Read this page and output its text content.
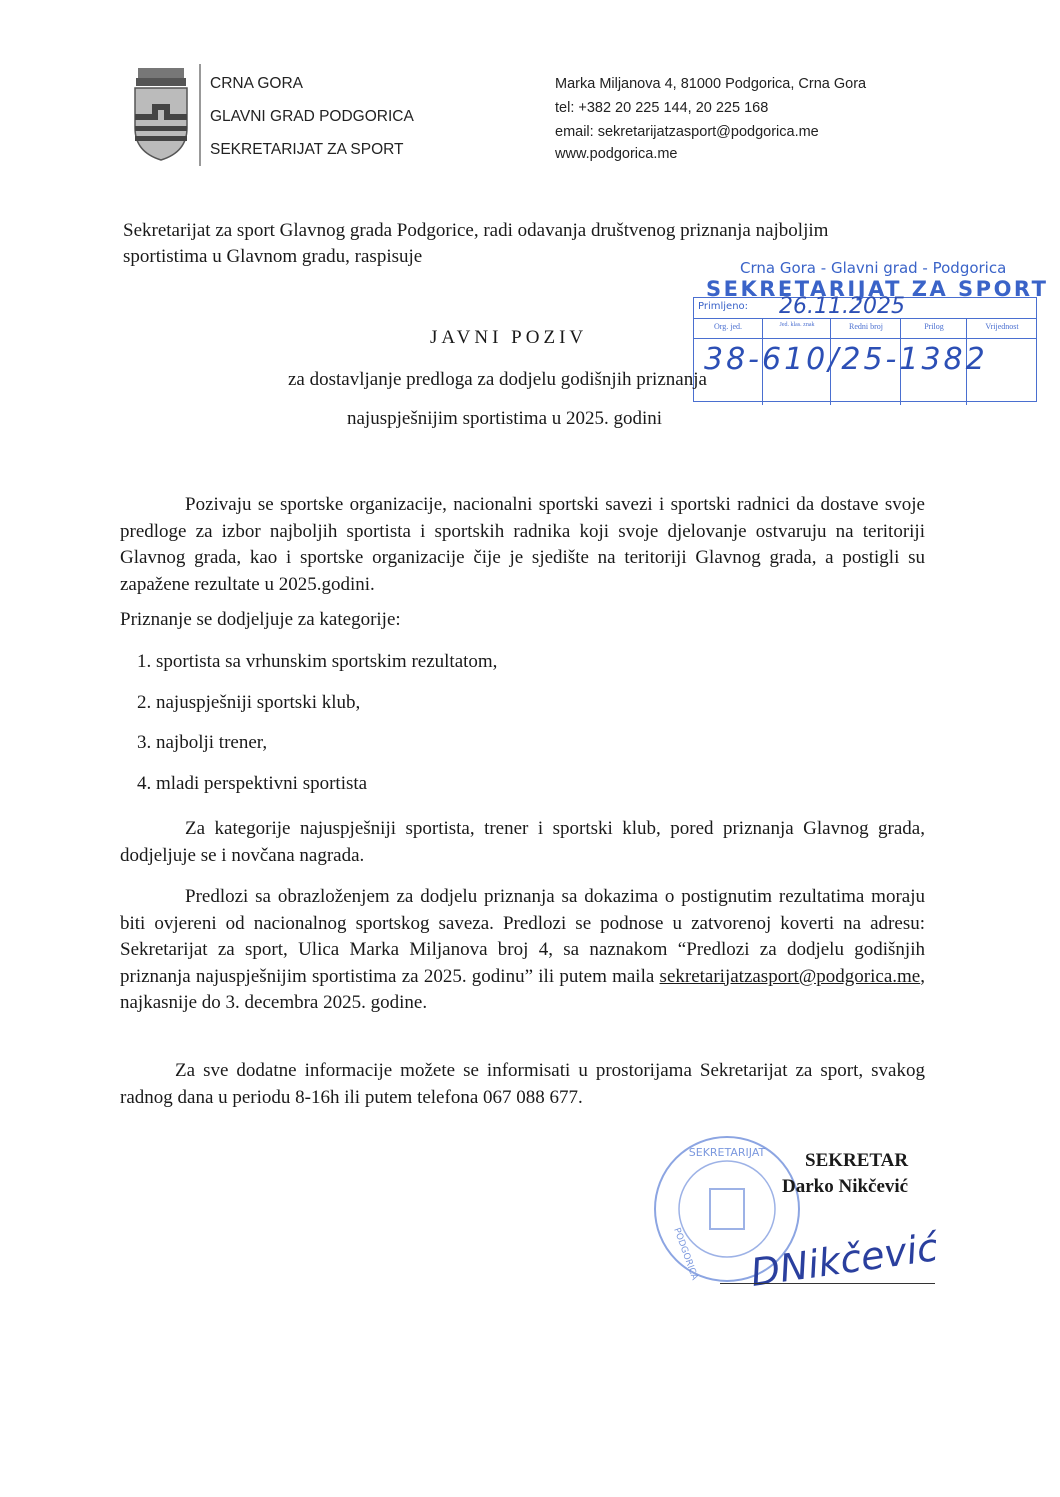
CRNA GORA
GLAVNI GRAD PODGORICA
SEKRETARIJAT ZA SPORT
Marka Miljanova 4, 81000 Podgorica, Crna Gora
tel: +382 20 225 144, 20 225 168
email: sekretarijatzasport@podgorica.me
www.podgorica.me
Sekretarijat za sport Glavnog grada Podgorice, radi odavanja društvenog priznanja najboljim
sportistima u Glavnom gradu, raspisuje
Crna Gora - Glavni grad - Podgorica
SEKRETARIJAT ZA SPORT
Primljeno: 26.11.2025
Org. jed.	Jed. klas. znak	Redni broj	Prilog	Vrijednost
38-610/25-1382
JAVNI POZIV
za dostavljanje predloga za dodjelu godišnjih priznanja
najuspješnijim sportistima u 2025. godini
Pozivaju se sportske organizacije, nacionalni sportski savezi i sportski radnici da dostave svoje predloge za izbor najboljih sportista i sportskih radnika koji svoje djelovanje ostvaruju na teritoriji Glavnog grada, kao i sportske organizacije čije je sjedište na teritoriji Glavnog grada, a postigli su zapažene rezultate u 2025.godini.
Priznanje se dodjeljuje za kategorije:
1. sportista sa vrhunskim sportskim rezultatom,
2. najuspješniji sportski klub,
3. najbolji trener,
4. mladi perspektivni sportista
Za kategorije najuspješniji sportista, trener i sportski klub, pored priznanja Glavnog grada, dodjeljuje se i novčana nagrada.
Predlozi sa obrazloženjem za dodjelu priznanja sa dokazima o postignutim rezultatima moraju biti ovjereni od nacionalnog sportskog saveza. Predlozi se podnose u zatvorenoj koverti na adresu: Sekretarijat za sport, Ulica Marka Miljanova broj 4, sa naznakom “Predlozi za dodjelu godišnjih priznanja najuspješnijim sportistima za 2025. godinu” ili putem maila sekretarijatzasport@podgorica.me, najkasnije do 3. decembra 2025. godine.
Za sve dodatne informacije možete se informisati u prostorijama Sekretarijat za sport, svakog radnog dana u periodu 8-16h ili putem telefona 067 088 677.
SEKRETARIJAT
PODGORICA
SEKRETAR
Darko Nikčević
DNikčević
